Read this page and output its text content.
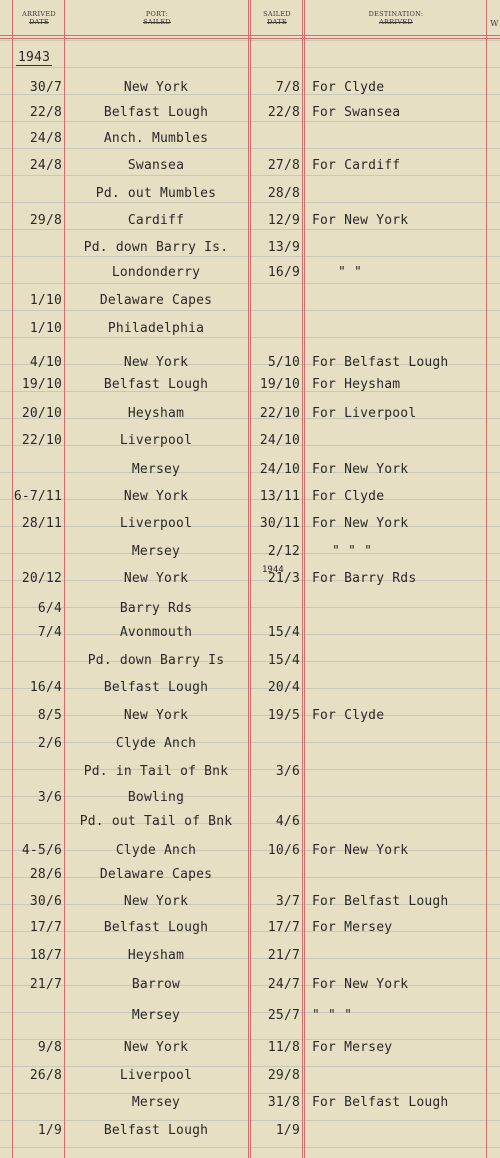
ARRIVED
DATE
PORT:
SAILED
SAILED
DATE
DESTINATION:
ARRIVED	W
1943
1944
30/7	New York	7/8 For Clyde
22/8	Belfast Lough	22/8 For Swansea
24/8	Anch. Mumbles
24/8	Swansea	27/8 For Cardiff
Pd. out Mumbles	28/8
29/8	Cardiff	12/9 For New York
Pd. down Barry Is.	13/9
Londonderry	16/9	" "
1/10	Delaware Capes
1/10	Philadelphia
4/10	New York	5/10 For Belfast Lough
19/10	Belfast Lough	19/10 For Heysham
20/10	Heysham	22/10 For Liverpool
22/10	Liverpool	24/10
Mersey	24/10 For New York
6-7/11	New York	13/11 For Clyde
28/11	Liverpool	30/11 For New York
Mersey	2/12 " " "
20/12	New York	21/3 For Barry Rds
6/4	Barry Rds
7/4	Avonmouth	15/4
Pd. down Barry Is	15/4
16/4	Belfast Lough	20/4
8/5	New York	19/5 For Clyde
2/6	Clyde Anch
Pd. in Tail of Bnk	3/6
3/6	Bowling
Pd. out Tail of Bnk	4/6
4-5/6	Clyde Anch	10/6 For New York
28/6	Delaware Capes
30/6	New York	3/7 For Belfast Lough
17/7	Belfast Lough	17/7 For Mersey
18/7	Heysham	21/7
21/7	Barrow	24/7 For New York
Mersey	25/7 " " "
9/8	New York	11/8 For Mersey
26/8	Liverpool	29/8
Mersey	31/8 For Belfast Lough
1/9	Belfast Lough	1/9
